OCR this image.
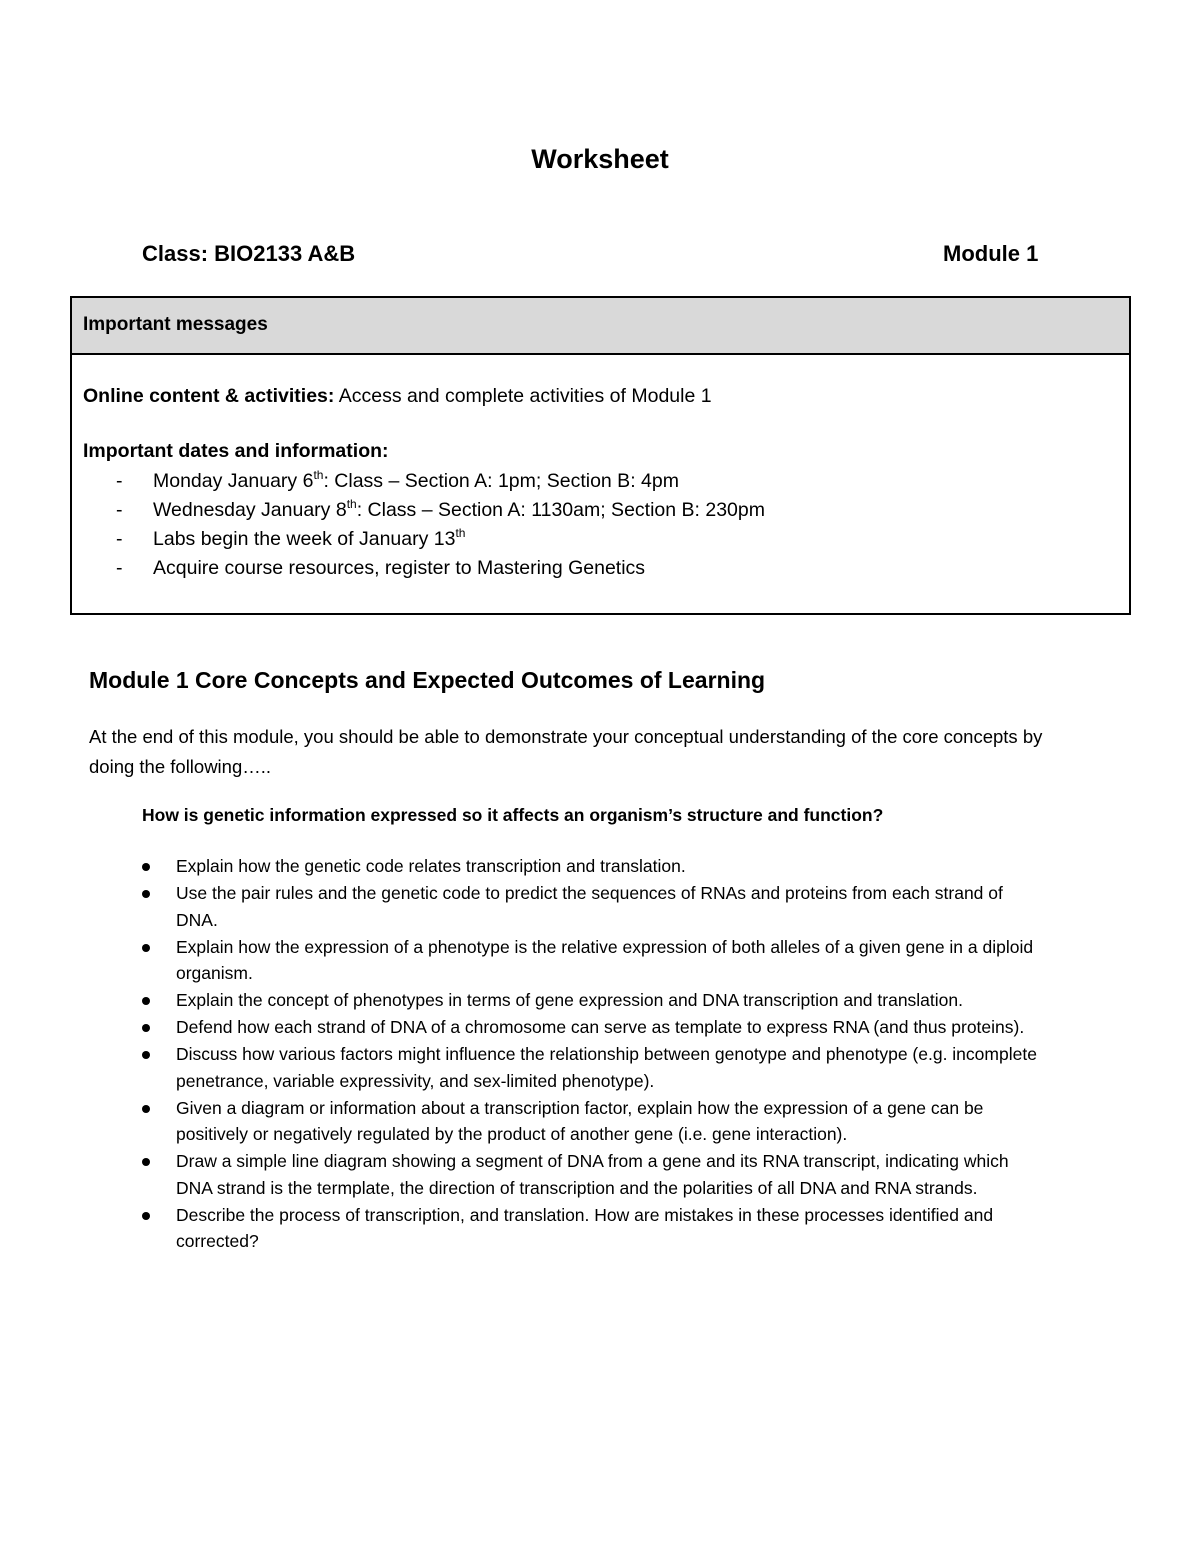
Worksheet
Class: BIO2133 A&B	Module 1
Important messages

Online content & activities: Access and complete activities of Module 1

Important dates and information:

- Monday January 6th: Class – Section A: 1pm; Section B: 4pm
- Wednesday January 8th: Class – Section A: 1130am; Section B: 230pm
- Labs begin the week of January 13th
- Acquire course resources, register to Mastering Genetics
Module 1 Core Concepts and Expected Outcomes of Learning
At the end of this module, you should be able to demonstrate your conceptual understanding of the core concepts by doing the following…..
How is genetic information expressed so it affects an organism’s structure and function?
Explain how the genetic code relates transcription and translation.
Use the pair rules and the genetic code to predict the sequences of RNAs and proteins from each strand of DNA.
Explain how the expression of a phenotype is the relative expression of both alleles of a given gene in a diploid organism.
Explain the concept of phenotypes in terms of gene expression and DNA transcription and translation.
Defend how each strand of DNA of a chromosome can serve as template to express RNA (and thus proteins).
Discuss how various factors might influence the relationship between genotype and phenotype (e.g. incomplete penetrance, variable expressivity, and sex-limited phenotype).
Given a diagram or information about a transcription factor, explain how the expression of a gene can be positively or negatively regulated by the product of another gene (i.e. gene interaction).
Draw a simple line diagram showing a segment of DNA from a gene and its RNA transcript, indicating which DNA strand is the termplate, the direction of transcription and the polarities of all DNA and RNA strands.
Describe the process of transcription, and translation. How are mistakes in these processes identified and corrected?
